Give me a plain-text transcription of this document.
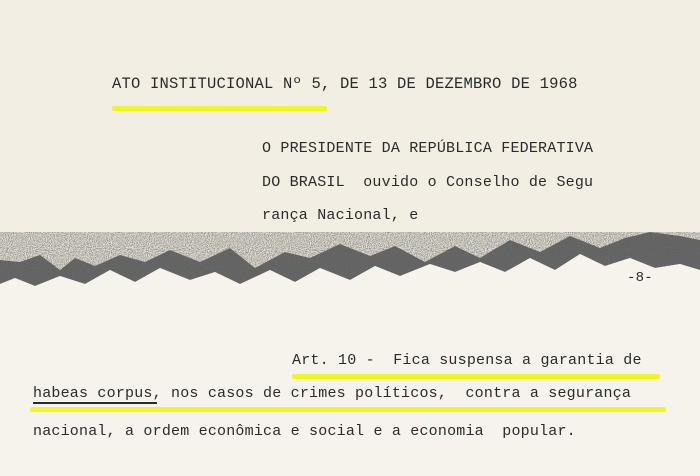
ATO INSTITUCIONAL Nº 5, DE 13 DE DEZEMBRO DE 1968
O PRESIDENTE DA REPÚBLICA FEDERATIVA
DO BRASIL  ouvido o Conselho de Segu
rança Nacional, e
-8-
Art. 10 -  Fica suspensa a garantia de
habeas corpus, nos casos de crimes políticos,  contra a segurança
nacional, a ordem econômica e social e a economia  popular.
